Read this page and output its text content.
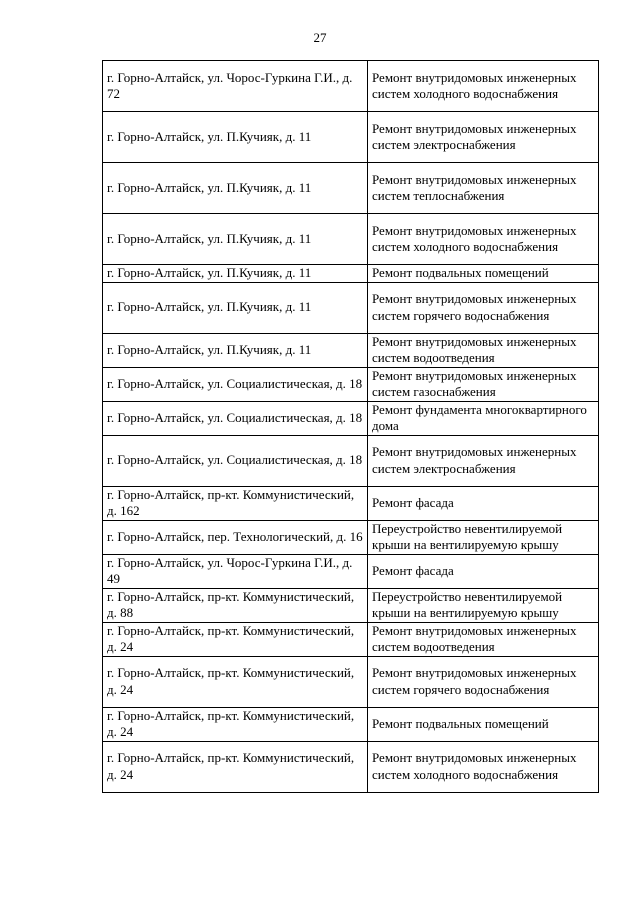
27
г. Горно-Алтайск, ул. Чорос-Гуркина Г.И., д. 72	Ремонт внутридомовых инженерных систем холодного водоснабжения
г. Горно-Алтайск, ул. П.Кучияк, д. 11	Ремонт внутридомовых инженерных систем электроснабжения
г. Горно-Алтайск, ул. П.Кучияк, д. 11	Ремонт внутридомовых инженерных систем теплоснабжения
г. Горно-Алтайск, ул. П.Кучияк, д. 11	Ремонт внутридомовых инженерных систем холодного водоснабжения
г. Горно-Алтайск, ул. П.Кучияк, д. 11	Ремонт подвальных помещений
г. Горно-Алтайск, ул. П.Кучияк, д. 11	Ремонт внутридомовых инженерных систем горячего водоснабжения
г. Горно-Алтайск, ул. П.Кучияк, д. 11	Ремонт внутридомовых инженерных систем водоотведения
г. Горно-Алтайск, ул. Социалистическая, д. 18	Ремонт внутридомовых инженерных систем газоснабжения
г. Горно-Алтайск, ул. Социалистическая, д. 18	Ремонт фундамента многоквартирного дома
г. Горно-Алтайск, ул. Социалистическая, д. 18	Ремонт внутридомовых инженерных систем электроснабжения
г. Горно-Алтайск, пр-кт. Коммунистический, д. 162	Ремонт фасада
г. Горно-Алтайск, пер. Технологический, д. 16	Переустройство невентилируемой крыши на вентилируемую крышу
г. Горно-Алтайск, ул. Чорос-Гуркина Г.И., д. 49	Ремонт фасада
г. Горно-Алтайск, пр-кт. Коммунистический, д. 88	Переустройство невентилируемой крыши на вентилируемую крышу
г. Горно-Алтайск, пр-кт. Коммунистический, д. 24	Ремонт внутридомовых инженерных систем водоотведения
г. Горно-Алтайск, пр-кт. Коммунистический, д. 24	Ремонт внутридомовых инженерных систем горячего водоснабжения
г. Горно-Алтайск, пр-кт. Коммунистический, д. 24	Ремонт подвальных помещений
г. Горно-Алтайск, пр-кт. Коммунистический, д. 24	Ремонт внутридомовых инженерных систем холодного водоснабжения
